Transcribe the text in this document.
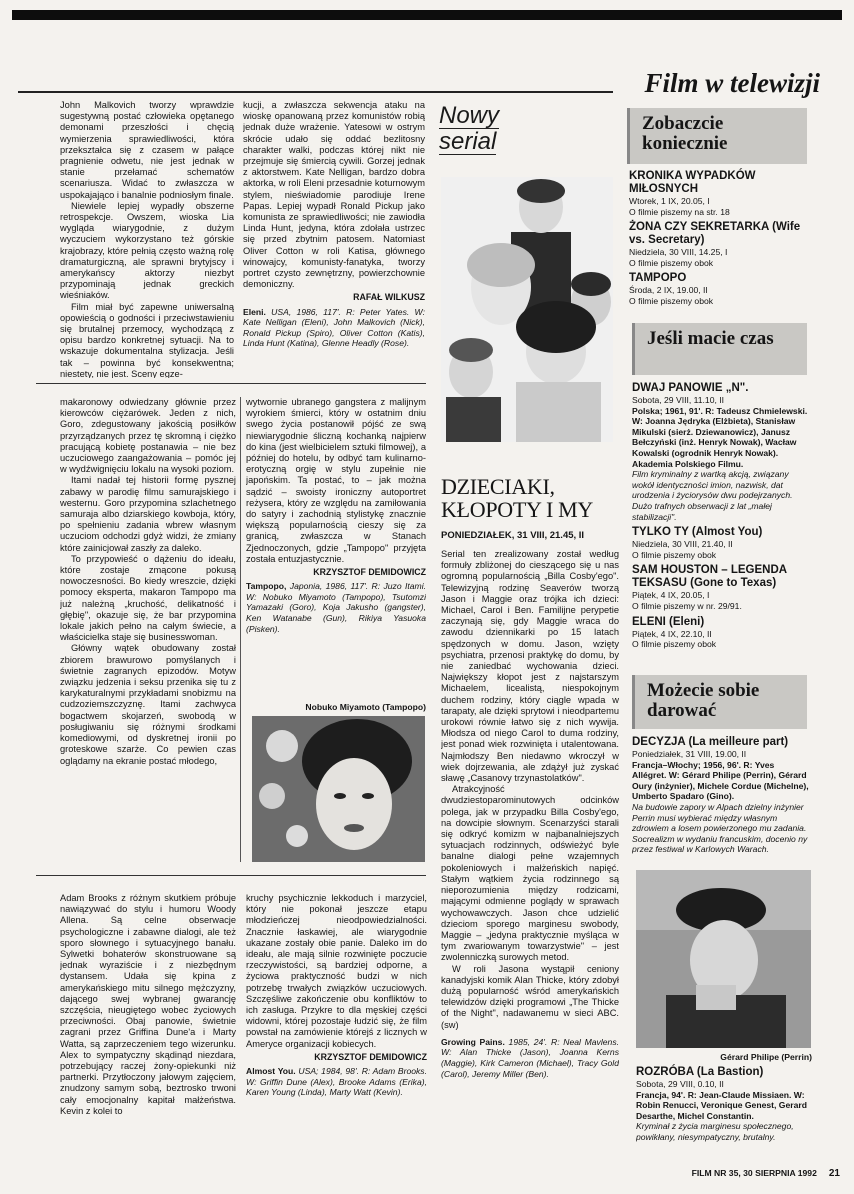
Film w telewizji

John Malkovich tworzy wprawdzie sugestywną postać człowieka opętanego demonami przeszłości i chęcią wymierzenia sprawiedliwości, która przekształca się z czasem w pałące pragnienie odwetu, nie jest jednak w stanie przełamać schematów scenariusza. Widać to zwłaszcza w uspokajająco i banalnie podniosłym finale.

Niewiele lepiej wypadły obszerne retrospekcje. Owszem, wioska Lia wygląda wiarygodnie, z dużym wyczuciem wykorzystano też górskie krajobrazy, które pełnią często ważną rolę dramaturgiczną, ale sprawni brytyjscy i amerykańscy aktorzy niezbyt przypominają jednak greckich wieśniaków.

Film miał być zapewne uniwersalną opowieścią o godności i przeciwstawieniu się brutalnej przemocy, wychodzącą z opisu bardzo konkretnej sytuacji. Na to wskazuje dokumentalna stylizacja. Jeśli tak – powinna być konsekwentna; niestety, nie jest. Sceny egze-

kucji, a zwłaszcza sekwencja ataku na wioskę opanowaną przez komunistów robią jednak duże wrażenie. Yatesowi w ostrym skrócie udało się oddać bezlitosny charakter walki, podczas której nikt nie przejmuje się śmiercią cywili. Gorzej jednak z aktorstwem. Kate Nelligan, bardzo dobra aktorka, w roli Eleni przesadnie koturnowym stylem, nieświadomie parodiuje Irene Papas. Lepiej wypadł Ronald Pickup jako komunista ze sprawiedliwości; nie zawiodła Linda Hunt, jedyna, która zdołała ustrzec się przed zbytnim patosem. Natomiast Oliver Cotton w roli Katisa, głównego winowajcy, komunisty-fanatyka, tworzy portret czysto zewnętrzny, powierzchownie demoniczny.

RAFAŁ WILKUSZ
Eleni. USA, 1986, 117'. R: Peter Yates. W: Kate Nelligan (Eleni), John Malkovich (Nick), Ronald Pickup (Spiro), Oliver Cotton (Katis), Linda Hunt (Katina), Glenne Headly (Rose).

makaronowy odwiedzany głównie przez kierowców ciężarówek. Jeden z nich, Goro, zdegustowany jakością posiłków przyrządzanych przez tę skromną i ciężko pracującą kobietę postanawia – nie bez uczuciowego zaangażowania – pomóc jej w wydźwignięciu lokalu na wysoki poziom.

Itami nadał tej historii formę pysznej zabawy w parodię filmu samurajskiego i westernu. Goro przypomina szlachetnego samuraja albo dziarskiego kowboja, który, po spełnieniu zadania wbrew własnym uczuciom odchodzi gdyż widzi, że zmiany które zainicjował zaszły za daleko.

To przypowieść o dążeniu do ideału, które zostaje zmącone pokusą nowoczesności. Bo kiedy wreszcie, dzięki pomocy eksperta, makaron Tampopo ma już należną „kruchość, delikatność i głębię", okazuje się, że bar przypomina lokale jakich pełno na całym świecie, a właścicielka staje się businesswoman.

Główny wątek obudowany został zbiorem brawurowo pomyślanych i świetnie zagranych epizodów. Motyw związku jedzenia i seksu przenika się tu z karykaturalnymi przykładami snobizmu na cudzoziemszczyznę. Itami zachwyca bogactwem skojarzeń, swobodą w posługiwaniu się różnymi środkami komediowymi, od dyskretnej ironii po groteskowe szarże. Co pewien czas oglądamy na ekranie postać młodego,

wytwornie ubranego gangstera z malijnym wyrokiem śmierci, który w ostatnim dniu swego życia postanowił pójść ze swą niewiarygodnie śliczną kochanką najpierw do kina (jest wielbicielem sztuki filmowej), a później do hotelu, by odbyć tam kulinarno-erotyczną orgię w stylu zupełnie nie japońskim. Ta postać, to – jak można sądzić – swoisty ironiczny autoportret reżysera, który ze względu na zamiłowania do satyry i zachodnią stylistykę znacznie większą popularnością cieszy się za granicą, zwłaszcza w Stanach Zjednoczonych, gdzie „Tampopo" przyjęta została entuzjastycznie.

KRZYSZTOF DEMIDOWICZ
Tampopo, Japonia, 1986, 117'. R: Juzo Itami. W: Nobuko Miyamoto (Tampopo), Tsutomzi Yamazaki (Goro), Koja Jakusho (gangster), Ken Watanabe (Gun), Rikiya Yasuoka (Pisken).
Nobuko Miyamoto (Tampopo)

Adam Brooks z różnym skutkiem próbuje nawiązywać do stylu i humoru Woody Allena. Są celne obserwacje psychologiczne i zabawne dialogi, ale też sporo słownego i sytuacyjnego banału. Sylwetki bohaterów skonstruowane są jednak wyraziście i z niezbędnym dystansem. Udała się kpina z amerykańskiego mitu silnego mężczyzny, dającego swej wybranej gwarancję szczęścia, nieugiętego wobec życiowych przeciwności. Obaj panowie, świetnie zagrani przez Griffina Dune'a i Marty Watta, są zaprzeczeniem tego wizerunku. Alex to sympatyczny skądinąd niezdara, potrzebujący raczej żony-opiekunki niż partnerki. Przytłoczony jałowym zajęciem, znudzony samym sobą, beztrosko trwoni cały emocjonalny kapitał małżeństwa. Kevin z kolei to

kruchy psychicznie lekkoduch i marzyciel, który nie pokonał jeszcze etapu młodzieńczej nieodpowiedzialności. Znacznie łaskawiej, ale wiarygodnie ukazane zostały obie panie. Daleko im do ideału, ale mają silnie rozwinięte poczucie rzeczywistości, są bardziej odporne, a życiowa praktyczność budzi w nich potrzebę trwałych związków uczuciowych. Szczęśliwe zakończenie obu konfliktów to ich zasługa. Przykre to dla męskiej części widowni, której pozostaje łudzić się, że film powstał na zamówienie którejś z licznych w Ameryce organizacji kobiecych.

KRZYSZTOF DEMIDOWICZ
Almost You. USA; 1984, 98'. R: Adam Brooks. W: Griffin Dune (Alex), Brooke Adams (Erika), Karen Young (Linda), Marty Watt (Kevin).
Nowy
serial
DZIECIAKI, KŁOPOTY I MY
PONIEDZIAŁEK, 31 VIII, 21.45, II

Serial ten zrealizowany został według formuły zbliżonej do cieszącego się u nas ogromną popularnością „Billa Cosby'ego". Telewizyjną rodzinę Seaverów tworzą Jason i Maggie oraz trójka ich dzieci: Michael, Carol i Ben. Familijne perypetie zaczynają się, gdy Maggie wraca do zawodu dziennikarki po 15 latach spędzonych w domu. Jason, wzięty psychiatra, przenosi praktykę do domu, by nie zaniedbać wychowania dzieci. Największy kłopot jest z najstarszym Michaelem, licealistą, niespokojnym duchem rodziny, który ciągle wpada w tarapaty, ale dzięki sprytowi i nieodpartemu urokowi równie łatwo się z nich wywija. Młodsza od niego Carol to duma rodziny, jest ponad wiek rozwinięta i utalentowana. Najmłodszy Ben niedawno wkroczył w wiek dojrzewania, ale zdążył już zyskać sławę „Casanovy trzynastolatków".

Atrakcyjność dwudziestoparominutowych odcinków polega, jak w przypadku Billa Cosby'ego, na dowcipie słownym. Scenarzyści starali się odkryć komizm w najbanalniejszych sytuacjach rodzinnych, odświeżyć byle banalne dialogi pełne wzajemnych pokoleniowych i małżeńskich napięć. Stałym wątkiem życia rodzinnego są nieporozumienia między rodzicami, mającymi odmienne poglądy w sprawach wychowawczych. Jason chce udzielić dzieciom sporego marginesu swobody, Maggie – „jedyna praktycznie myśląca w tym zwariowanym towarzystwie" – jest zwolenniczką surowych metod.

W roli Jasona wystąpił ceniony kanadyjski komik Alan Thicke, który zdobył dużą popularność wśród amerykańskich telewidzów dzięki programowi „The Thicke of the Night", nadawanemu w sieci ABC. (sw)

Growing Pains. 1985, 24'. R: Neal Mavlens. W: Alan Thicke (Jason), Joanna Kerns (Maggie), Kirk Cameron (Michael), Tracy Gold (Carol), Jeremy Miller (Ben).
Zobaczcie koniecznie
KRONIKA WYPADKÓW MIŁOSNYCH
Wtorek, 1 IX, 20.05, I
O filmie piszemy na str. 18
ŻONA CZY SEKRETARKA (Wife vs. Secretary)
Niedziela, 30 VIII, 14.25, I
O filmie piszemy obok
TAMPOPO
Środa, 2 IX, 19.00, II
O filmie piszemy obok
Jeśli macie czas
DWAJ PANOWIE „N".
Sobota, 29 VIII, 11.10, II
Polska; 1961, 91'. R: Tadeusz Chmielewski. W: Joanna Jędryka (Elżbieta), Stanisław Mikulski (sierż. Dziewanowicz), Janusz Bełczyński (inż. Henryk Nowak), Wacław Kowalski (ogrodnik Henryk Nowak). Akademia Polskiego Filmu.
Film kryminalny z wartką akcją, związany wokół identyczności imion, nazwisk, dat urodzenia i życiorysów dwu podejrzanych. Dużo trafnych obserwacji z lat „małej stabilizacji".
TYLKO TY (Almost You)
Niedziela, 30 VIII, 21.40, II
O filmie piszemy obok
SAM HOUSTON – LEGENDA TEKSASU (Gone to Texas)
Piątek, 4 IX, 20.05, I
O filmie piszemy w nr. 29/91.
ELENI (Eleni)
Piątek, 4 IX, 22.10, II
O filmie piszemy obok
Możecie sobie darować
DECYZJA (La meilleure part)
Poniedziałek, 31 VIII, 19.00, II
Francja–Włochy; 1956, 96'. R: Yves Allégret. W: Gérard Philipe (Perrin), Gérard Oury (inżynier), Michele Cordue (Michelne), Umberto Spadaro (Gino).
Na budowie zapory w Alpach dzielny inżynier Perrin musi wybierać między własnym zdrowiem a losem powierzonego mu zadania. Socrealizm w wydaniu francuskim, docenio ny przez festiwal w Karlowych Warach.
Gérard Philipe (Perrin)
ROZRÓBA (La Bastion)
Sobota, 29 VIII, 0.10, II
Francja, 94'. R: Jean-Claude Missiaen. W: Robin Renucci, Veronique Genest, Gerard Desarthe, Michel Constantin.
Kryminał z życia marginesu społecznego, powikłany, niesympatyczny, brutalny.
FILM NR 35, 30 SIERPNIA 1992 21
